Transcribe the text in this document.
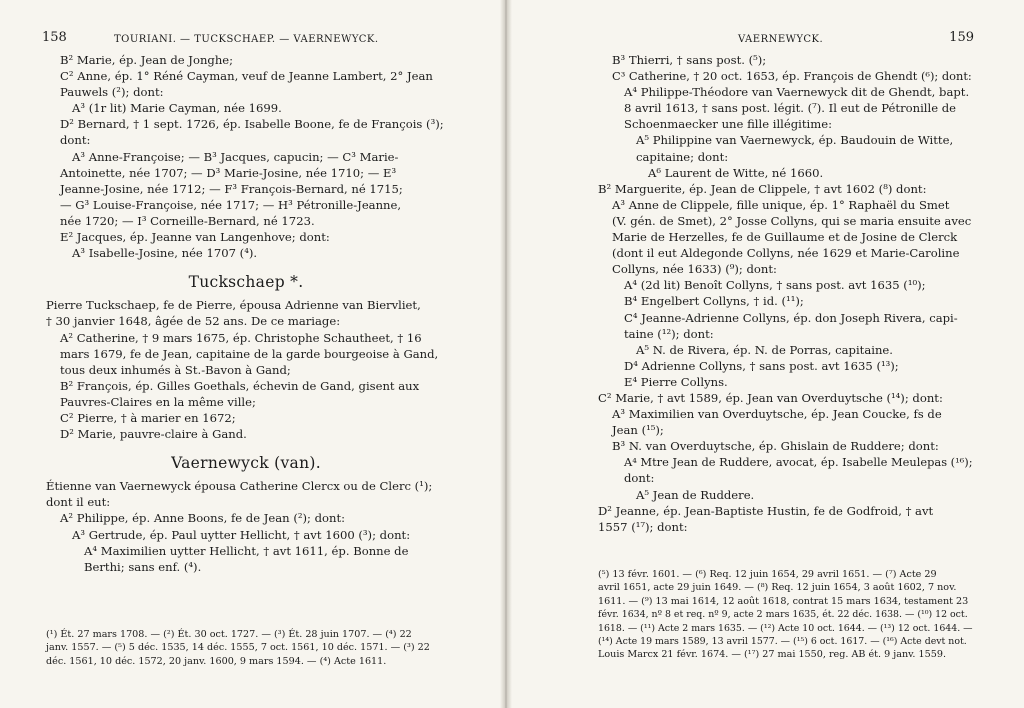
158	TOURIANI. — TUCKSCHAEP. — VAERNEWYCK.
B² Marie, ép. Jean de Jonghe;
C² Anne, ép. 1° Réné Cayman, veuf de Jeanne Lambert, 2° Jean
Pauwels (²); dont:
A³ (1r lit) Marie Cayman, née 1699.
D² Bernard, † 1 sept. 1726, ép. Isabelle Boone, fe de François (³);
dont:
A³ Anne-Françoise; — B³ Jacques, capucin; — C³ Marie-
Antoinette, née 1707; — D³ Marie-Josine, née 1710; — E³
Jeanne-Josine, née 1712; — F³ François-Bernard, né 1715;
— G³ Louise-Françoise, née 1717; — H³ Pétronille-Jeanne,
née 1720; — I³ Corneille-Bernard, né 1723.
E² Jacques, ép. Jeanne van Langenhove; dont:
A³ Isabelle-Josine, née 1707 (⁴).
Tuckschaep *.
Pierre Tuckschaep, fe de Pierre, épousa Adrienne van Biervliet,
† 30 janvier 1648, âgée de 52 ans. De ce mariage:
A² Catherine, † 9 mars 1675, ép. Christophe Schautheet, † 16
mars 1679, fe de Jean, capitaine de la garde bourgeoise à Gand,
tous deux inhumés à St.-Bavon à Gand;
B² François, ép. Gilles Goethals, échevin de Gand, gisent aux
Pauvres-Claires en la même ville;
C² Pierre, † à marier en 1672;
D² Marie, pauvre-claire à Gand.
Vaernewyck (van).
Étienne van Vaernewyck épousa Catherine Clercx ou de Clerc (¹);
dont il eut:
A² Philippe, ép. Anne Boons, fe de Jean (²); dont:
A³ Gertrude, ép. Paul uytter Hellicht, † avt 1600 (³); dont:
A⁴ Maximilien uytter Hellicht, † avt 1611, ép. Bonne de
Berthi; sans enf. (⁴).
(¹) Ét. 27 mars 1708. — (²) Ét. 30 oct. 1727. — (³) Ét. 28 juin 1707. — (⁴) 22
janv. 1557. — (⁵) 5 déc. 1535, 14 déc. 1555, 7 oct. 1561, 10 déc. 1571. — (³) 22
déc. 1561, 10 déc. 1572, 20 janv. 1600, 9 mars 1594. — (⁴) Acte 1611.
VAERNEWYCK.	159
B³ Thierri, † sans post. (⁵);
C³ Catherine, † 20 oct. 1653, ép. François de Ghendt (⁶); dont:
A⁴ Philippe-Théodore van Vaernewyck dit de Ghendt, bapt.
8 avril 1613, † sans post. légit. (⁷). Il eut de Pétronille de
Schoenmaecker une fille illégitime:
A⁵ Philippine van Vaernewyck, ép. Baudouin de Witte,
capitaine; dont:
A⁶ Laurent de Witte, né 1660.
B² Marguerite, ép. Jean de Clippele, † avt 1602 (⁸) dont:
A³ Anne de Clippele, fille unique, ép. 1° Raphaël du Smet
(V. gén. de Smet), 2° Josse Collyns, qui se maria ensuite avec
Marie de Herzelles, fe de Guillaume et de Josine de Clerck
(dont il eut Aldegonde Collyns, née 1629 et Marie-Caroline
Collyns, née 1633) (⁹); dont:
A⁴ (2d lit) Benoît Collyns, † sans post. avt 1635 (¹⁰);
B⁴ Engelbert Collyns, † id. (¹¹);
C⁴ Jeanne-Adrienne Collyns, ép. don Joseph Rivera, capi-
taine (¹²); dont:
A⁵ N. de Rivera, ép. N. de Porras, capitaine.
D⁴ Adrienne Collyns, † sans post. avt 1635 (¹³);
E⁴ Pierre Collyns.
C² Marie, † avt 1589, ép. Jean van Overduytsche (¹⁴); dont:
A³ Maximilien van Overduytsche, ép. Jean Coucke, fs de
Jean (¹⁵);
B³ N. van Overduytsche, ép. Ghislain de Ruddere; dont:
A⁴ Mtre Jean de Ruddere, avocat, ép. Isabelle Meulepas (¹⁶);
dont:
A⁵ Jean de Ruddere.
D² Jeanne, ép. Jean-Baptiste Hustin, fe de Godfroid, † avt
1557 (¹⁷); dont:
(⁵) 13 févr. 1601. — (⁶) Req. 12 juin 1654, 29 avril 1651. — (⁷) Acte 29
avril 1651, acte 29 juin 1649. — (⁸) Req. 12 juin 1654, 3 août 1602, 7 nov.
1611. — (⁹) 13 mai 1614, 12 août 1618, contrat 15 mars 1634, testament 23
févr. 1634, nº 8 et req. nº 9, acte 2 mars 1635, ét. 22 déc. 1638. — (¹⁰) 12 oct.
1618. — (¹¹) Acte 2 mars 1635. — (¹²) Acte 10 oct. 1644. — (¹³) 12 oct. 1644. —
(¹⁴) Acte 19 mars 1589, 13 avril 1577. — (¹⁵) 6 oct. 1617. — (¹⁶) Acte devt not.
Louis Marcx 21 févr. 1674. — (¹⁷) 27 mai 1550, reg. AB ét. 9 janv. 1559.
